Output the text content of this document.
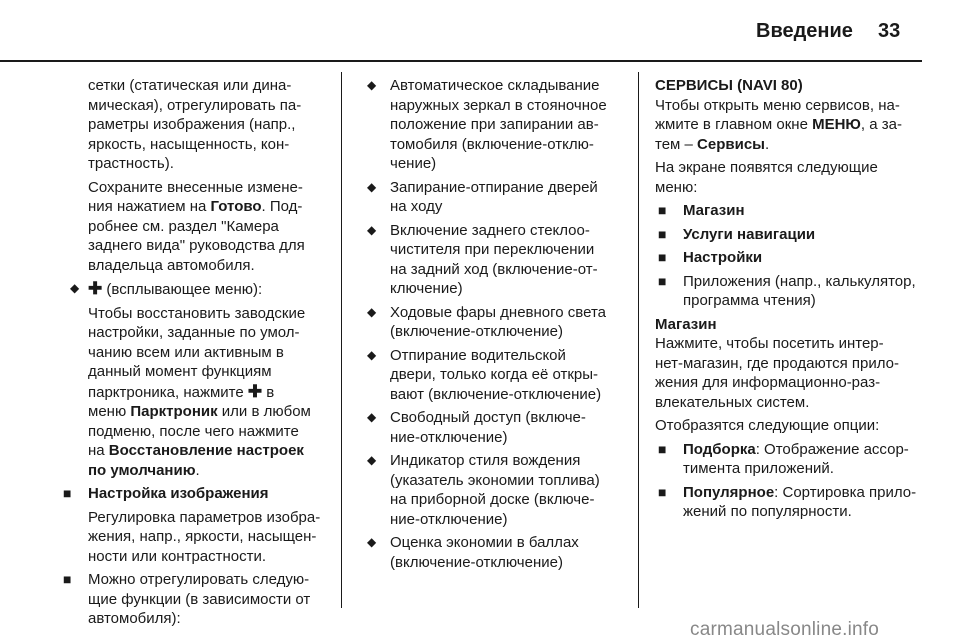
Введение 33
сетки (статическая или дина-
мическая), отрегулировать па-
раметры изображения (напр.,
яркость, насыщенность, кон-
трастность).
Сохраните внесенные измене-
ния нажатием на Готово. Под-
робнее см. раздел "Камера
заднего вида" руководства для
владельца автомобиля.
◆ ✚ (всплывающее меню):
Чтобы восстановить заводские
настройки, заданные по умол-
чанию всем или активным в
данный момент функциям
парктроника, нажмите ✚ в
меню Парктроник или в любом
подменю, после чего нажмите
на Восстановление настроек
по умолчанию.
■ Настройка изображения
Регулировка параметров изобра-
жения, напр., яркости, насыщен-
ности или контрастности.
■ Можно отрегулировать следую-
щие функции (в зависимости от
автомобиля):
◆ Автоматическое складывание
наружных зеркал в стояночное
положение при запирании ав-
томобиля (включение-отклю-
чение)
◆ Запирание-отпирание дверей
на ходу
◆ Включение заднего стеклоо-
чистителя при переключении
на задний ход (включение-от-
ключение)
◆ Ходовые фары дневного света
(включение-отключение)
◆ Отпирание водительской
двери, только когда её откры-
вают (включение-отключение)
◆ Свободный доступ (включе-
ние-отключение)
◆ Индикатор стиля вождения
(указатель экономии топлива)
на приборной доске (включе-
ние-отключение)
◆ Оценка экономии в баллах
(включение-отключение)
СЕРВИСЫ (NAVI 80)
Чтобы открыть меню сервисов, на-
жмите в главном окне МЕНЮ, а за-
тем – Сервисы.
На экране появятся следующие
меню:
■ Магазин
■ Услуги навигации
■ Настройки
■ Приложения (напр., калькулятор,
программа чтения)
Магазин
Нажмите, чтобы посетить интер-
нет-магазин, где продаются прило-
жения для информационно-раз-
влекательных систем.
Отобразятся следующие опции:
■ Подборка: Отображение ассор-
тимента приложений.
■ Популярное: Сортировка прило-
жений по популярности.
carmanualsonline.info
